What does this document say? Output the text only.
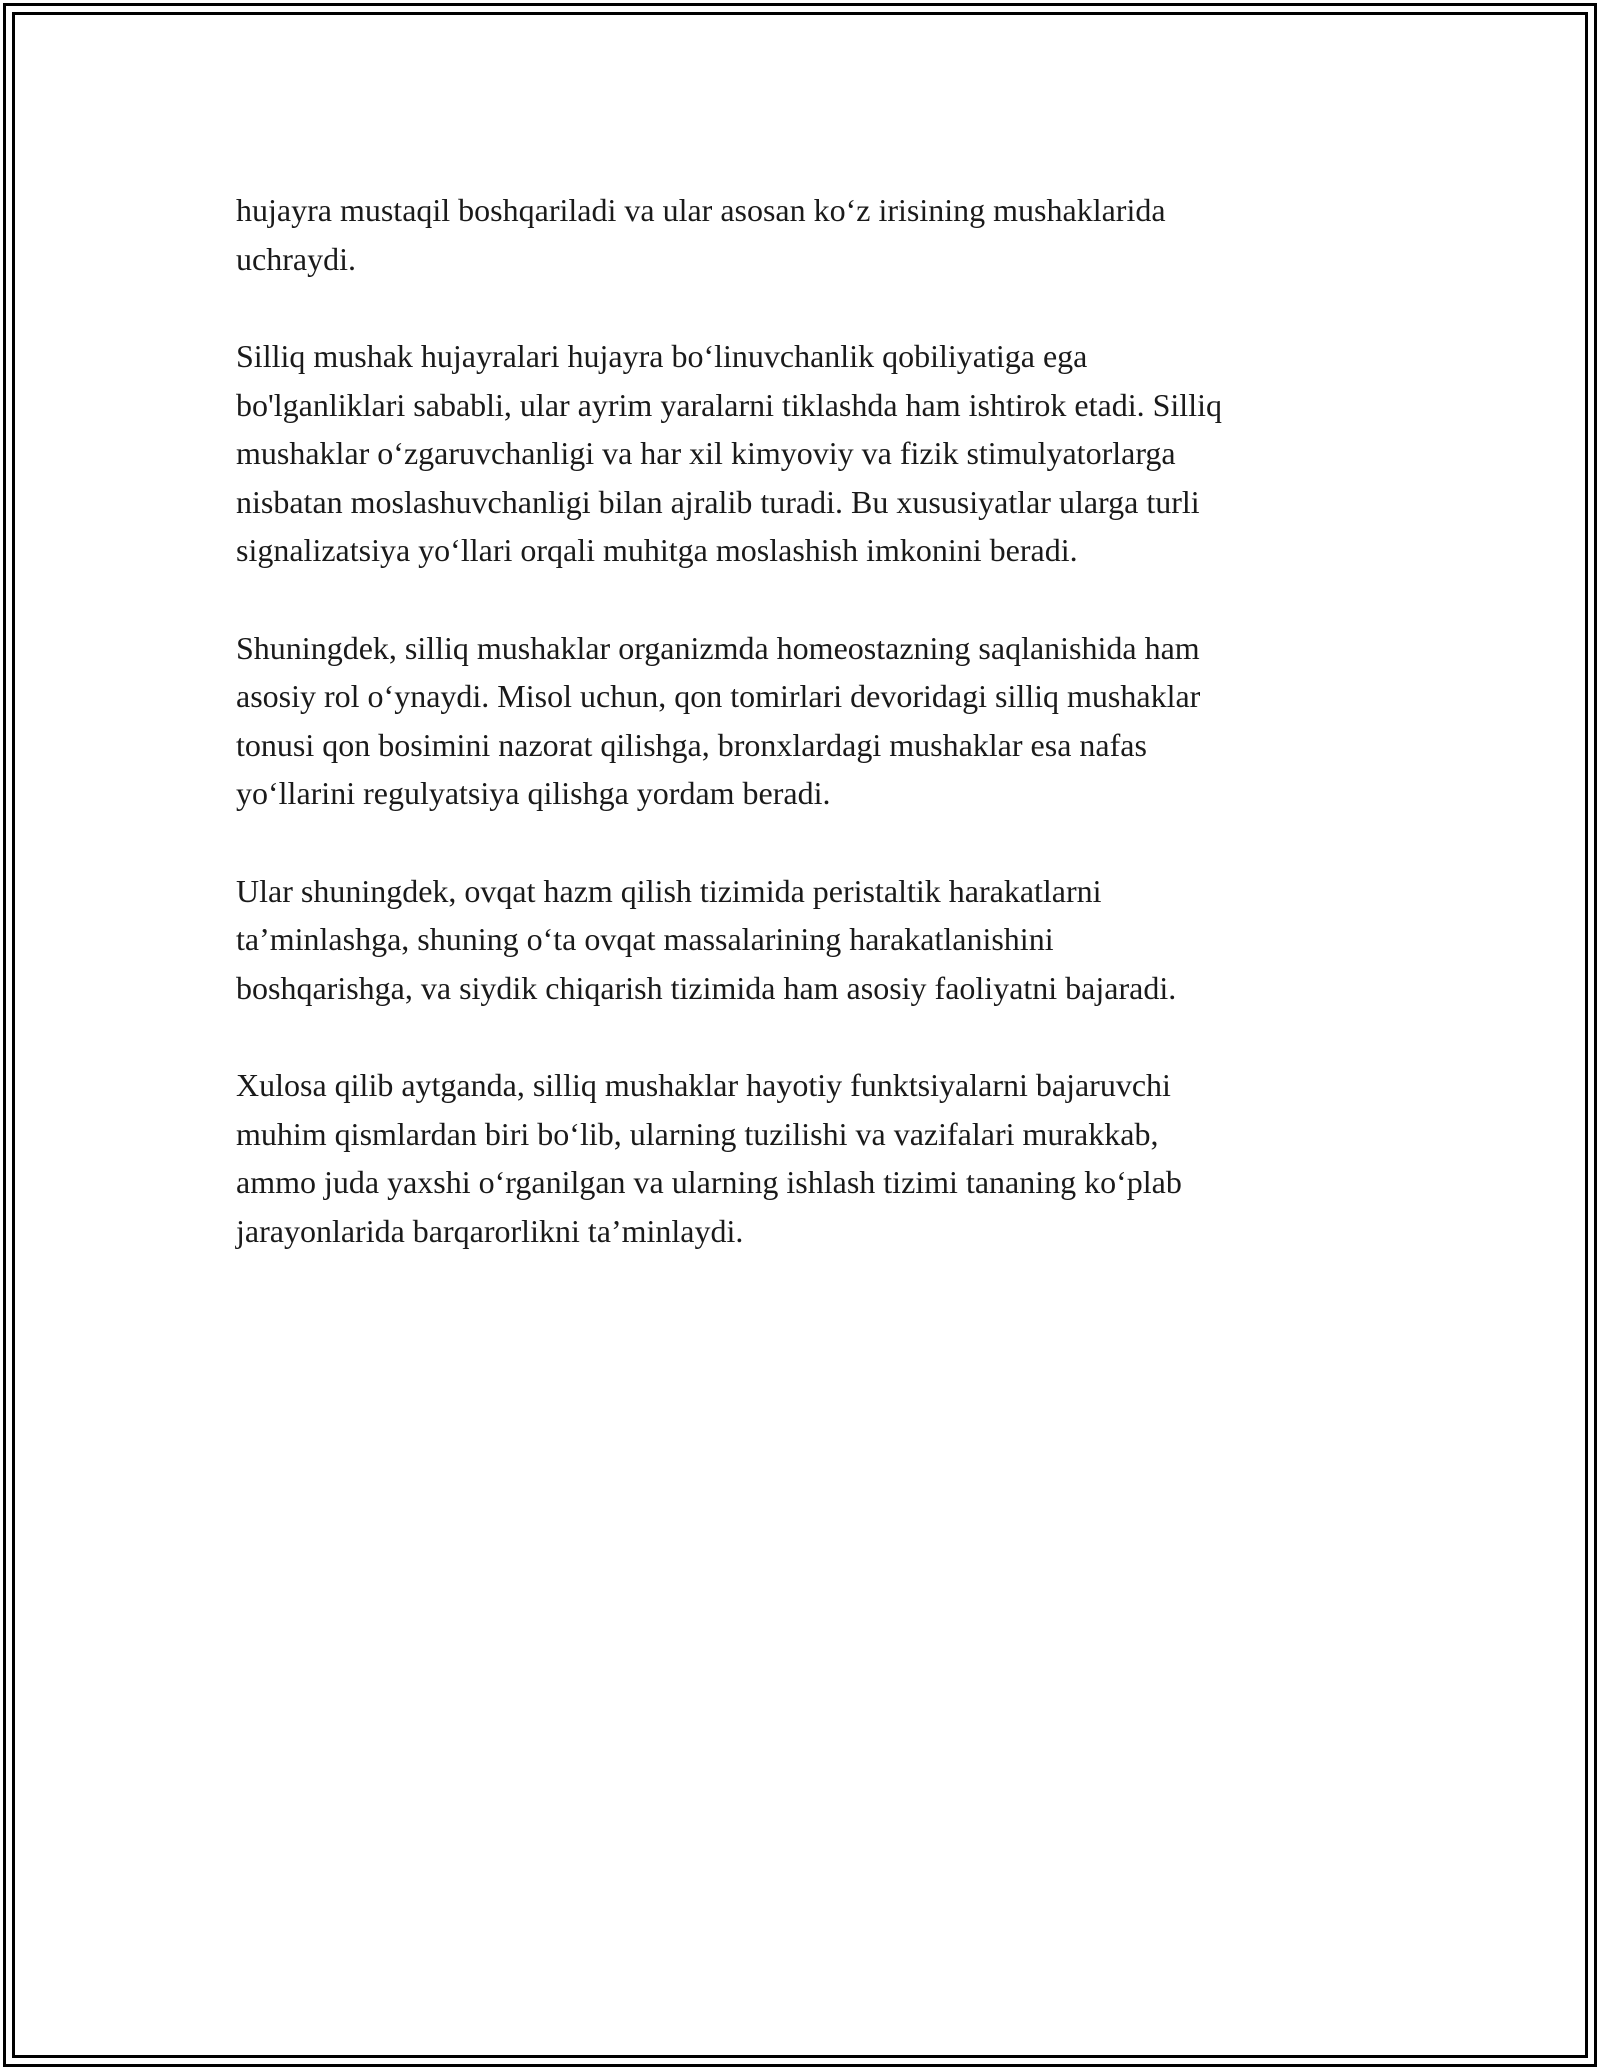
hujayra mustaqil boshqariladi va ular asosan ko‘z irisining mushaklarida
uchraydi.

Silliq mushak hujayralari hujayra bo‘linuvchanlik qobiliyatiga ega
bo'lganliklari sababli, ular ayrim yaralarni tiklashda ham ishtirok etadi. Silliq
mushaklar o‘zgaruvchanligi va har xil kimyoviy va fizik stimulyatorlarga
nisbatan moslashuvchanligi bilan ajralib turadi. Bu xususiyatlar ularga turli
signalizatsiya yo‘llari orqali muhitga moslashish imkonini beradi.

Shuningdek, silliq mushaklar organizmda homeostazning saqlanishida ham
asosiy rol o‘ynaydi. Misol uchun, qon tomirlari devoridagi silliq mushaklar
tonusi qon bosimini nazorat qilishga, bronxlardagi mushaklar esa nafas
yo‘llarini regulyatsiya qilishga yordam beradi.

Ular shuningdek, ovqat hazm qilish tizimida peristaltik harakatlarni
ta’minlashga, shuning o‘ta ovqat massalarining harakatlanishini
boshqarishga, va siydik chiqarish tizimida ham asosiy faoliyatni bajaradi.

Xulosa qilib aytganda, silliq mushaklar hayotiy funktsiyalarni bajaruvchi
muhim qismlardan biri bo‘lib, ularning tuzilishi va vazifalari murakkab,
ammo juda yaxshi o‘rganilgan va ularning ishlash tizimi tananing ko‘plab
jarayonlarida barqarorlikni ta’minlaydi.
